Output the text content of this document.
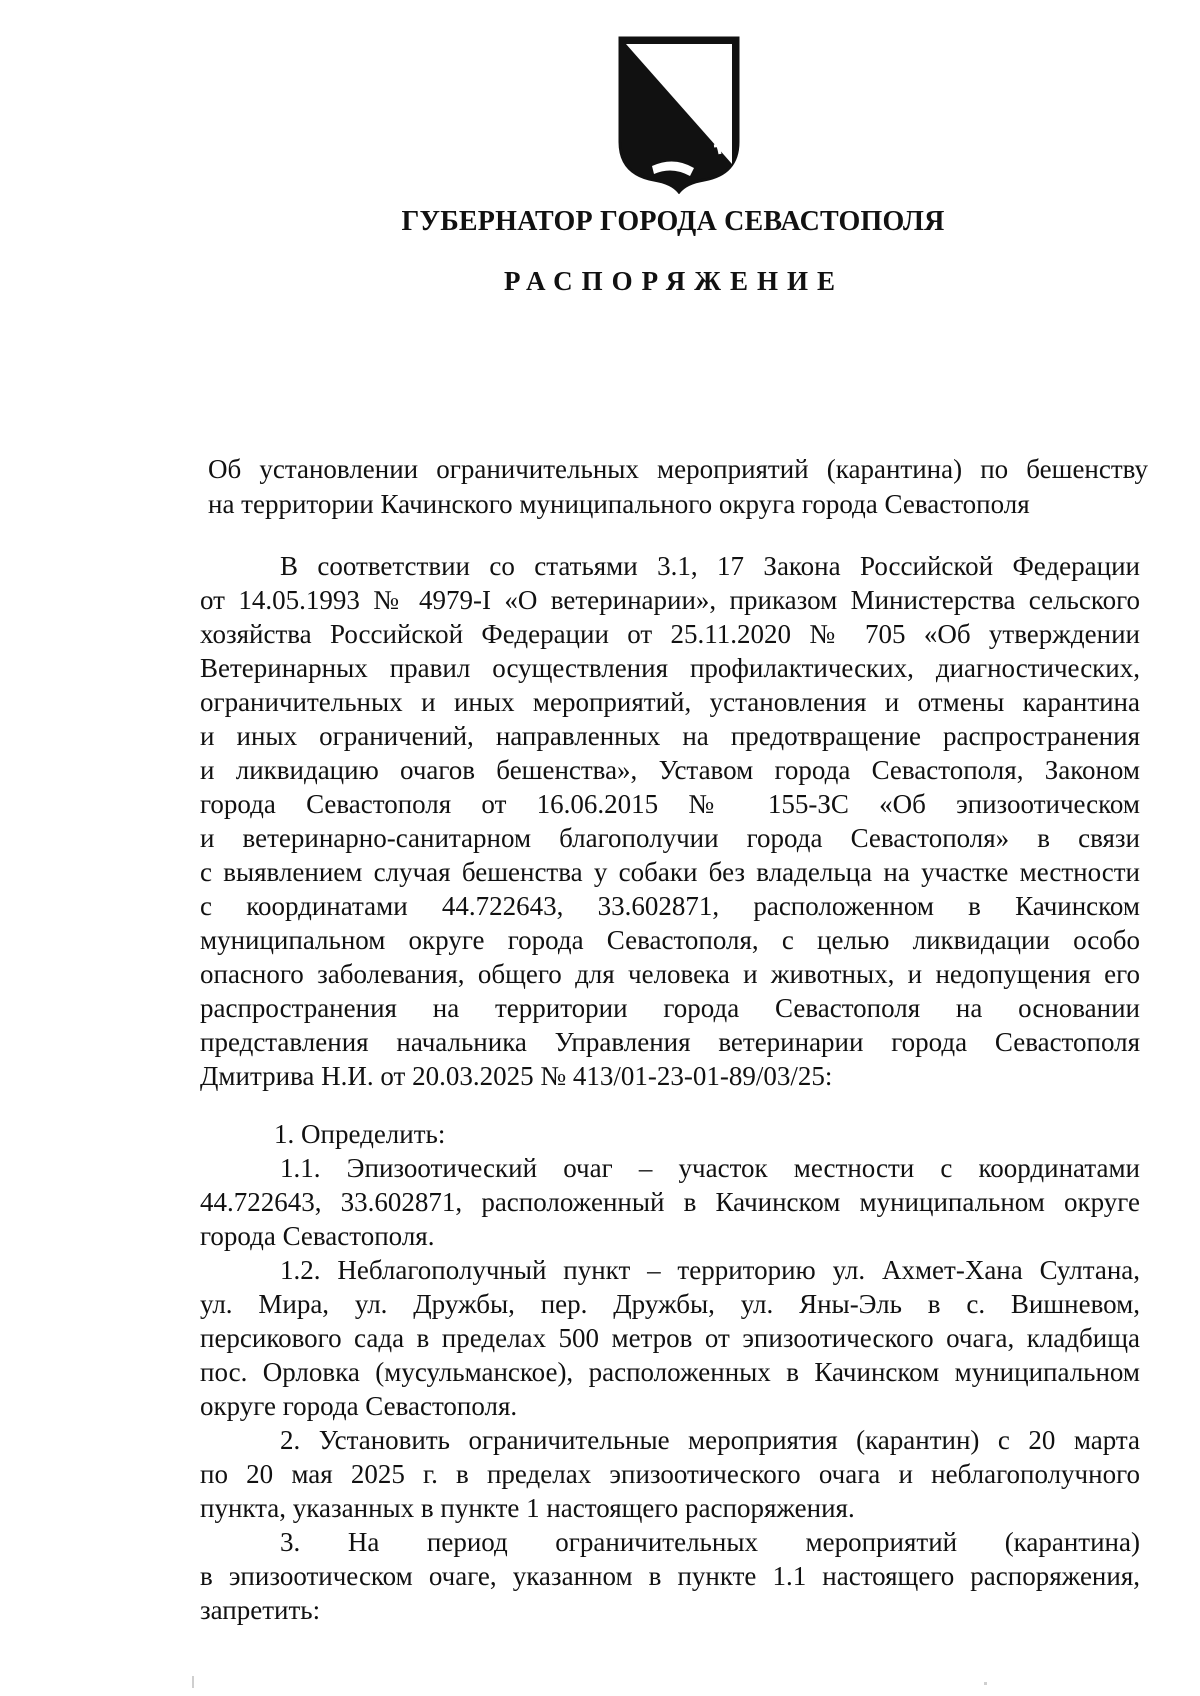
ГУБЕРНАТОР ГОРОДА СЕВАСТОПОЛЯ
РАСПОРЯЖЕНИЕ
Об установлении ограничительных мероприятий (карантина) по бешенству
на территории Качинского муниципального округа города Севастополя
В соответствии со статьями 3.1, 17 Закона Российской Федерации
от 14.05.1993 № 4979-I «О ветеринарии», приказом Министерства сельского
хозяйства Российской Федерации от 25.11.2020 № 705 «Об утверждении
Ветеринарных правил осуществления профилактических, диагностических,
ограничительных и иных мероприятий, установления и отмены карантина
и иных ограничений, направленных на предотвращение распространения
и ликвидацию очагов бешенства», Уставом города Севастополя, Законом
города Севастополя от 16.06.2015 № 155-ЗС «Об эпизоотическом
и ветеринарно-санитарном благополучии города Севастополя» в связи
с выявлением случая бешенства у собаки без владельца на участке местности
с координатами 44.722643, 33.602871, расположенном в Качинском
муниципальном округе города Севастополя, с целью ликвидации особо
опасного заболевания, общего для человека и животных, и недопущения его
распространения на территории города Севастополя на основании
представления начальника Управления ветеринарии города Севастополя
Дмитрива Н.И. от 20.03.2025 № 413/01-23-01-89/03/25:
1. Определить:
1.1. Эпизоотический очаг – участок местности с координатами
44.722643, 33.602871, расположенный в Качинском муниципальном округе
города Севастополя.
1.2. Неблагополучный пункт – территорию ул. Ахмет-Хана Султана,
ул. Мира, ул. Дружбы, пер. Дружбы, ул. Яны-Эль в с. Вишневом,
персикового сада в пределах 500 метров от эпизоотического очага, кладбища
пос. Орловка (мусульманское), расположенных в Качинском муниципальном
округе города Севастополя.
2. Установить ограничительные мероприятия (карантин) с 20 марта
по 20 мая 2025 г. в пределах эпизоотического очага и неблагополучного
пункта, указанных в пункте 1 настоящего распоряжения.
3. На период ограничительных мероприятий (карантина)
в эпизоотическом очаге, указанном в пункте 1.1 настоящего распоряжения,
запретить:
